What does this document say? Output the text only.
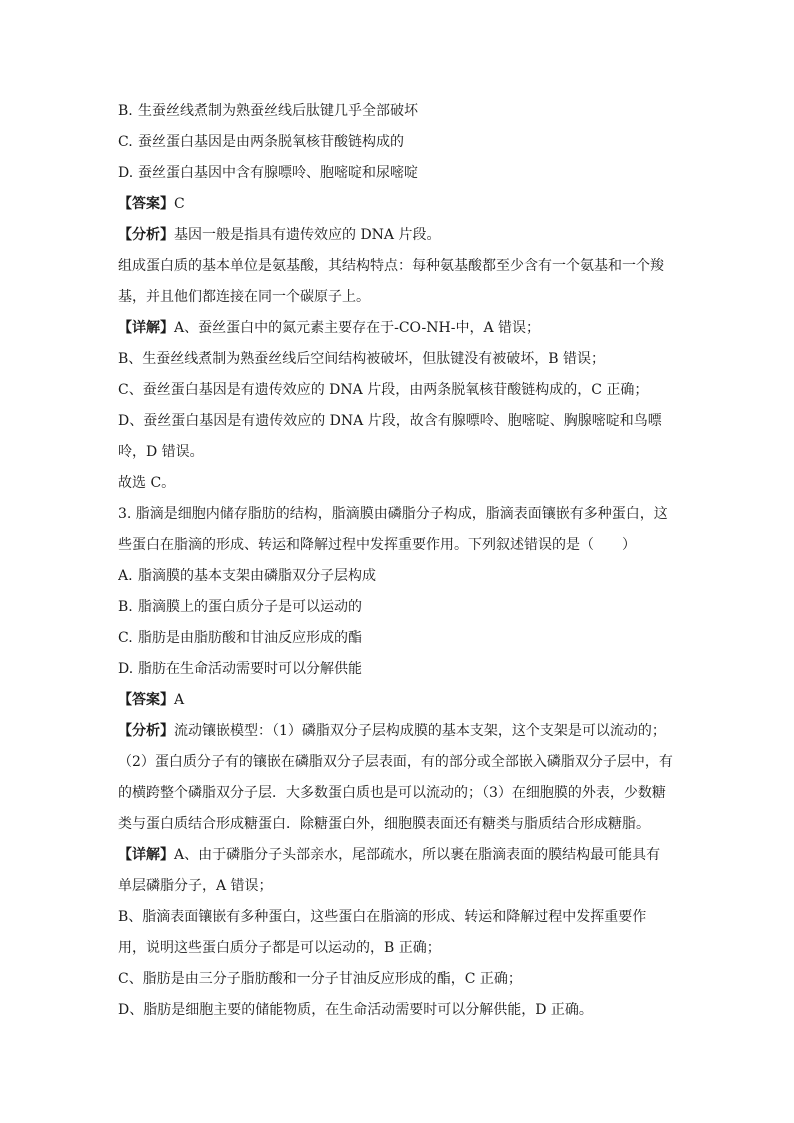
B. 生蚕丝线煮制为熟蚕丝线后肽键几乎全部破坏
C. 蚕丝蛋白基因是由两条脱氧核苷酸链构成的
D. 蚕丝蛋白基因中含有腺嘌呤、胞嘧啶和尿嘧啶
【答案】C
【分析】基因一般是指具有遗传效应的 DNA 片段。
组成蛋白质的基本单位是氨基酸，其结构特点：每种氨基酸都至少含有一个氨基和一个羧
基，并且他们都连接在同一个碳原子上。
【详解】A、蚕丝蛋白中的氮元素主要存在于-CO-NH-中，A 错误；
B、生蚕丝线煮制为熟蚕丝线后空间结构被破坏，但肽键没有被破坏，B 错误；
C、蚕丝蛋白基因是有遗传效应的 DNA 片段，由两条脱氧核苷酸链构成的，C 正确；
D、蚕丝蛋白基因是有遗传效应的 DNA 片段，故含有腺嘌呤、胞嘧啶、胸腺嘧啶和鸟嘌
呤，D 错误。
故选 C。
3. 脂滴是细胞内储存脂肪的结构，脂滴膜由磷脂分子构成，脂滴表面镶嵌有多种蛋白，这
些蛋白在脂滴的形成、转运和降解过程中发挥重要作用。下列叙述错误的是（　　）
A. 脂滴膜的基本支架由磷脂双分子层构成
B. 脂滴膜上的蛋白质分子是可以运动的
C. 脂肪是由脂肪酸和甘油反应形成的酯
D. 脂肪在生命活动需要时可以分解供能
【答案】A
【分析】流动镶嵌模型：（1）磷脂双分子层构成膜的基本支架，这个支架是可以流动的；
（2）蛋白质分子有的镶嵌在磷脂双分子层表面，有的部分或全部嵌入磷脂双分子层中，有
的横跨整个磷脂双分子层．大多数蛋白质也是可以流动的；（3）在细胞膜的外表，少数糖
类与蛋白质结合形成糖蛋白．除糖蛋白外，细胞膜表面还有糖类与脂质结合形成糖脂。
【详解】A、由于磷脂分子头部亲水，尾部疏水，所以裹在脂滴表面的膜结构最可能具有
单层磷脂分子，A 错误；
B、脂滴表面镶嵌有多种蛋白，这些蛋白在脂滴的形成、转运和降解过程中发挥重要作
用，说明这些蛋白质分子都是可以运动的，B 正确；
C、脂肪是由三分子脂肪酸和一分子甘油反应形成的酯，C 正确；
D、脂肪是细胞主要的储能物质，在生命活动需要时可以分解供能，D 正确。
